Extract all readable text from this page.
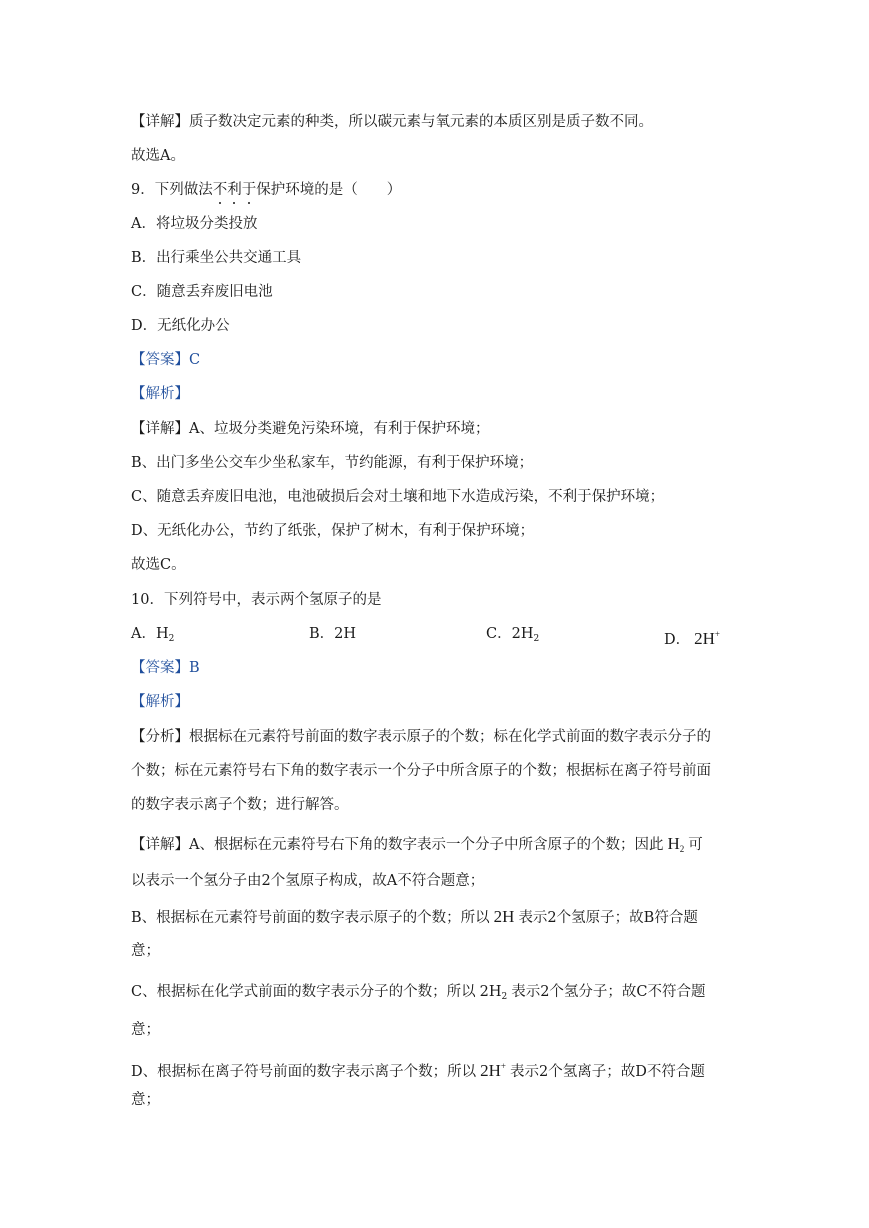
【详解】质子数决定元素的种类，所以碳元素与氧元素的本质区别是质子数不同。
故选A。
9．下列做法不利于保护环境的是（　　）
A．将垃圾分类投放
B．出行乘坐公共交通工具
C．随意丢弃废旧电池
D．无纸化办公
【答案】C
【解析】
【详解】A、垃圾分类避免污染环境，有利于保护环境；
B、出门多坐公交车少坐私家车，节约能源，有利于保护环境；
C、随意丢弃废旧电池，电池破损后会对土壤和地下水造成污染，不利于保护环境；
D、无纸化办公，节约了纸张，保护了树木，有利于保护环境；
故选C。
10．下列符号中，表示两个氢原子的是
A．$H_2$	B．2H	C．$2H_2$	D． 2H+
【答案】B
【解析】
【分析】根据标在元素符号前面的数字表示原子的个数；标在化学式前面的数字表示分子的
个数；标在元素符号右下角的数字表示一个分子中所含原子的个数；根据标在离子符号前面
的数字表示离子个数；进行解答。
【详解】A、根据标在元素符号右下角的数字表示一个分子中所含原子的个数；因此 $H_2$ 可
以表示一个氢分子由2个氢原子构成，故A不符合题意；
B、根据标在元素符号前面的数字表示原子的个数；所以 2H 表示2个氢原子；故B符合题
意；
C、根据标在化学式前面的数字表示分子的个数；所以 $2H_2$ 表示2个氢分子；故C不符合题
意；
D、根据标在离子符号前面的数字表示离子个数；所以 2H+ 表示2个氢离子；故D不符合题
意；
